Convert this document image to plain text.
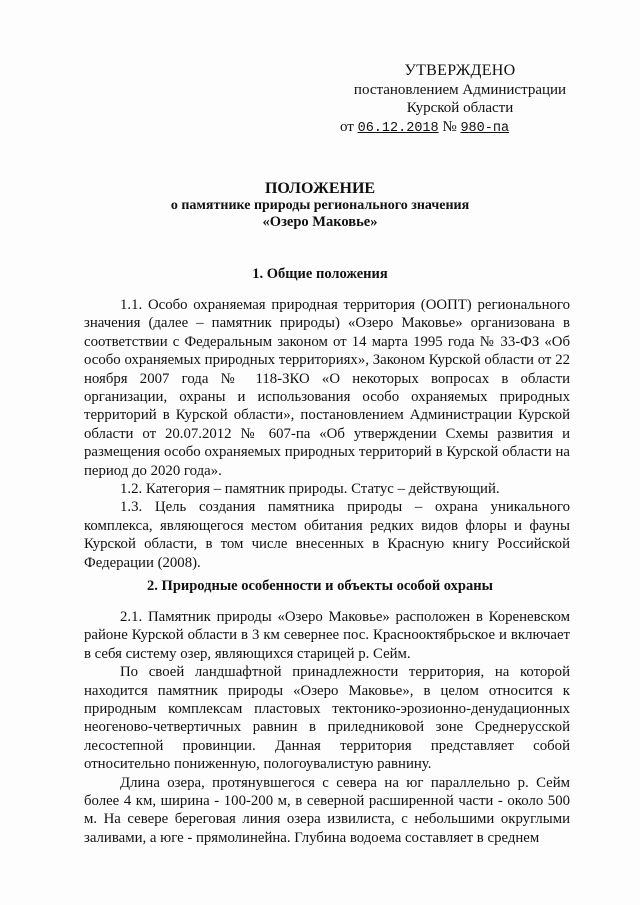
УТВЕРЖДЕНО
постановлением Администрации
Курской области
от 06.12.2018 № 980-па
ПОЛОЖЕНИЕ
о памятнике природы регионального значения
«Озеро Маковье»
1. Общие положения

1.1. Особо охраняемая природная территория (ООПТ) регионального значения (далее – памятник природы) «Озеро Маковье» организована в соответствии с Федеральным законом от 14 марта 1995 года № 33-ФЗ «Об особо охраняемых природных территориях», Законом Курской области от 22 ноября 2007 года № 118-ЗКО «О некоторых вопросах в области организации, охраны и использования особо охраняемых природных территорий в Курской области», постановлением Администрации Курской области от 20.07.2012 № 607-па «Об утверждении Схемы развития и размещения особо охраняемых природных территорий в Курской области на период до 2020 года».

1.2. Категория – памятник природы. Статус – действующий.

1.3. Цель создания памятника природы – охрана уникального комплекса, являющегося местом обитания редких видов флоры и фауны Курской области, в том числе внесенных в Красную книгу Российской Федерации (2008).

2. Природные особенности и объекты особой охраны

2.1. Памятник природы «Озеро Маковье» расположен в Кореневском районе Курской области в 3 км севернее пос. Краснооктябрьское и включает в себя систему озер, являющихся старицей р. Сейм.

По своей ландшафтной принадлежности территория, на которой находится памятник природы «Озеро Маковье», в целом относится к природным комплексам пластовых тектонико-эрозионно-денудационных неогеново-четвертичных равнин в приледниковой зоне Среднерусской лесостепной провинции. Данная территория представляет собой относительно пониженную, пологоувалистую равнину.

Длина озера, протянувшегося с севера на юг параллельно р. Сейм более 4 км, ширина - 100-200 м, в северной расширенной части - около 500 м. На севере береговая линия озера извилиста, с небольшими округлыми заливами, а юге - прямолинейна. Глубина водоема составляет в среднем
